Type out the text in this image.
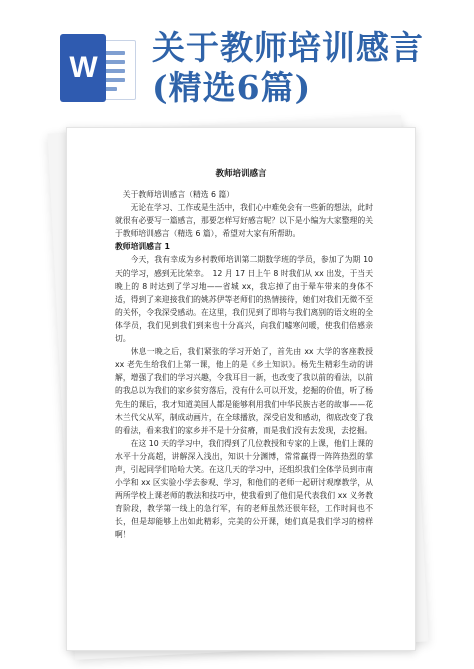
W
关于教师培训感言
(精选6篇)
教师培训感言

关于教师培训感言（精选 6 篇）

无论在学习、工作或是生活中，我们心中难免会有一些新的想法，此时就很有必要写一篇感言，那要怎样写好感言呢？以下是小编为大家整理的关于教师培训感言（精选 6 篇），希望对大家有所帮助。

教师培训感言 1

今天，我有幸成为乡村教师培训第二期数学班的学员，参加了为期 10 天的学习，感到无比荣幸。　12 月 17 日上午 8 时我们从 xx 出发，于当天晚上的 8 时达到了学习地——省城 xx，我忘掉了由于晕车带来的身体不适，得到了来迎接我们的姚苏伊等老师们的热情接待，她们对我们无微不至的关怀，令我深受感动。在这里，我们见到了即将与我们离别的语文班的全体学员，我们见到我们到来也十分高兴，向我们嘘寒问暖，使我们倍感亲切。

休息一晚之后，我们紧张的学习开始了，首先由 xx 大学的客座教授 xx 老先生给我们上第一课，他上的是《乡土知识》。杨先生精彩生动的讲解，增强了我们的学习兴趣，令我耳目一新，也改变了我以前的看法，以前的我总以为我们的家乡贫穷落后，没有什么可以开发，挖掘的价值，听了杨先生的课后，我才知道美国人都是能够利用我们中华民族古老的故事——花木兰代父从军，制成动画片，在全球播放，深受启发和感动，彻底改变了我的看法，看来我们的家乡并不是十分贫瘠，而是我们没有去发现，去挖掘。

在这 10 天的学习中，我们得到了几位教授和专家的上课，他们上课的水平十分高超，讲解深入浅出，知识十分渊博，常常赢得一阵阵热烈的掌声，引起同学们哈哈大笑。在这几天的学习中，还组织我们全体学员到市南小学和 xx 区实验小学去参观、学习，和他们的老师一起研讨观摩教学，从两所学校上课老师的教法和技巧中，使我看到了他们是代表我们 xx 义务教育阶段，教学第一线上的急行军，有的老师虽然还很年轻，工作时间也不长，但是却能够上出如此精彩，完美的公开课，她们真是我们学习的榜样啊！
